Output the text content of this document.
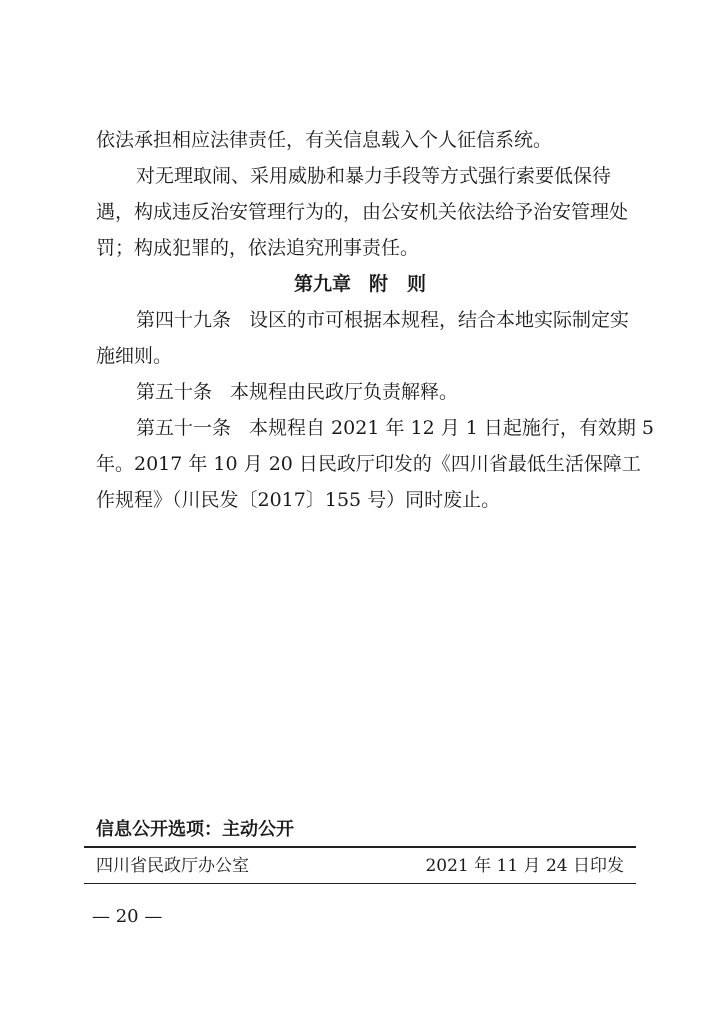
依法承担相应法律责任，有关信息载入个人征信系统。
对无理取闹、采用威胁和暴力手段等方式强行索要低保待
遇，构成违反治安管理行为的，由公安机关依法给予治安管理处
罚；构成犯罪的，依法追究刑事责任。
第九章 附　则
第四十九条 设区的市可根据本规程，结合本地实际制定实
施细则。
第五十条 本规程由民政厅负责解释。
第五十一条 本规程自 2021 年 12 月 1 日起施行，有效期 5
年。2017 年 10 月 20 日民政厅印发的《四川省最低生活保障工
作规程》（川民发〔2017〕155 号）同时废止。
信息公开选项：主动公开
四川省民政厅办公室	2021 年 11 月 24 日印发
— 20 —
